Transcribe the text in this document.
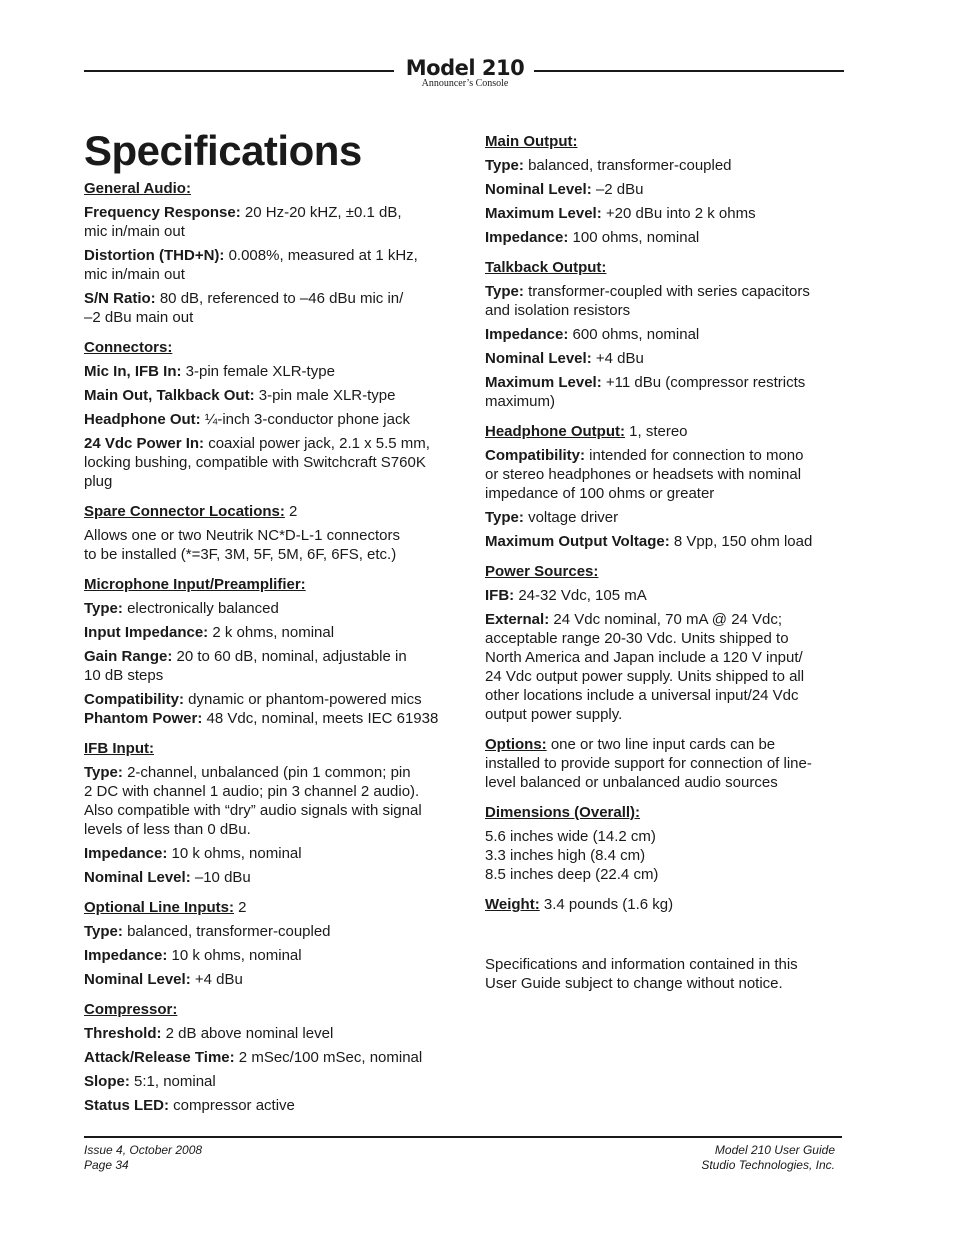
Model 210
Announcer’s Console
Specifications

General Audio:

Frequency Response: 20 Hz-20 kHZ, ±0.1 dB,
mic in/main out

Distortion (THD+N): 0.008%, measured at 1 kHz,
mic in/main out

S/N Ratio: 80 dB, referenced to –46 dBu mic in/
–2 dBu main out

Connectors:

Mic In, IFB In: 3-pin female XLR-type

Main Out, Talkback Out: 3-pin male XLR-type

Headphone Out: ¼-inch 3-conductor phone jack

24 Vdc Power In: coaxial power jack, 2.1 x 5.5 mm,
locking bushing, compatible with Switchcraft S760K
plug

Spare Connector Locations: 2

Allows one or two Neutrik NC*D-L-1 connectors
to be installed (*=3F, 3M, 5F, 5M, 6F, 6FS, etc.)

Microphone Input/Preamplifier:

Type: electronically balanced

Input Impedance: 2 k ohms, nominal

Gain Range: 20 to 60 dB, nominal, adjustable in
10 dB steps

Compatibility: dynamic or phantom-powered mics
Phantom Power: 48 Vdc, nominal, meets IEC 61938

IFB Input:

Type: 2-channel, unbalanced (pin 1 common; pin
2 DC with channel 1 audio; pin 3 channel 2 audio).
Also compatible with “dry” audio signals with signal
levels of less than 0 dBu.

Impedance: 10 k ohms, nominal

Nominal Level: –10 dBu

Optional Line Inputs: 2

Type: balanced, transformer-coupled

Impedance: 10 k ohms, nominal

Nominal Level: +4 dBu

Compressor:

Threshold: 2 dB above nominal level

Attack/Release Time: 2 mSec/100 mSec, nominal

Slope: 5:1, nominal

Status LED: compressor active

Main Output:

Type: balanced, transformer-coupled

Nominal Level: –2 dBu

Maximum Level: +20 dBu into 2 k ohms

Impedance: 100 ohms, nominal

Talkback Output:

Type: transformer-coupled with series capacitors
and isolation resistors

Impedance: 600 ohms, nominal

Nominal Level: +4 dBu

Maximum Level: +11 dBu (compressor restricts
maximum)

Headphone Output: 1, stereo

Compatibility: intended for connection to mono
or stereo headphones or headsets with nominal
impedance of 100 ohms or greater

Type: voltage driver

Maximum Output Voltage: 8 Vpp, 150 ohm load

Power Sources:

IFB: 24-32 Vdc, 105 mA

External: 24 Vdc nominal, 70 mA @ 24 Vdc;
acceptable range 20-30 Vdc. Units shipped to
North America and Japan include a 120 V input/
24 Vdc output power supply. Units shipped to all
other locations include a universal input/24 Vdc
output power supply.

Options: one or two line input cards can be
installed to provide support for connection of line-
level balanced or unbalanced audio sources

Dimensions (Overall):

5.6 inches wide (14.2 cm)
3.3 inches high (8.4 cm)
8.5 inches deep (22.4 cm)

Weight: 3.4 pounds (1.6 kg)

Specifications and information contained in this
User Guide subject to change without notice.

Issue 4, October 2008
Page 34
Model 210 User Guide
Studio Technologies, Inc.
